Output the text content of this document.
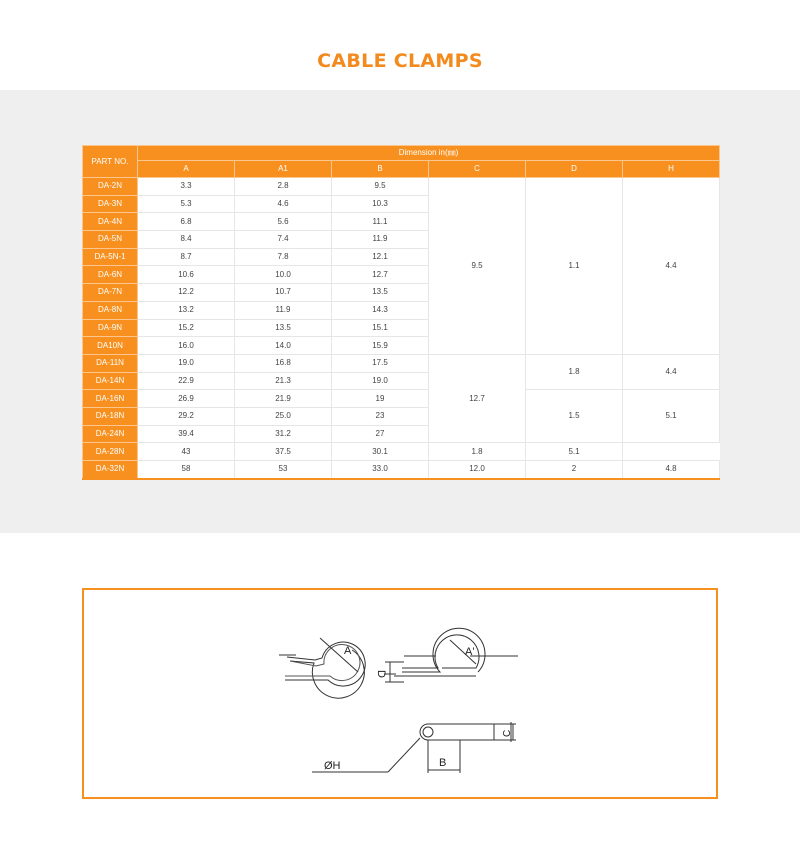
CABLE CLAMPS
PART NO.	Dimension in(㎜)					
	A	A1	B	C	D	H
DA-2N	3.3	2.8	9.5	9.5	1.1	4.4
DA-3N	5.3	4.6	10.3			
DA-4N	6.8	5.6	11.1			
DA-5N	8.4	7.4	11.9			
DA-5N-1	8.7	7.8	12.1			
DA-6N	10.6	10.0	12.7			
DA-7N	12.2	10.7	13.5			
DA-8N	13.2	11.9	14.3			
DA-9N	15.2	13.5	15.1			
DA10N	16.0	14.0	15.9			
DA-11N	19.0	16.8	17.5	12.7	1.8	4.4
DA-14N	22.9	21.3	19.0			
DA-16N	26.9	21.9	19		1.5	5.1
DA-18N	29.2	25.0	23			
DA-24N	39.4	31.2	27			
DA-28N	43	37.5	30.1	1.8	5.1	
DA-32N	58	53	33.0	12.0	2	4.8
A	A'
D
C
B
ØH
